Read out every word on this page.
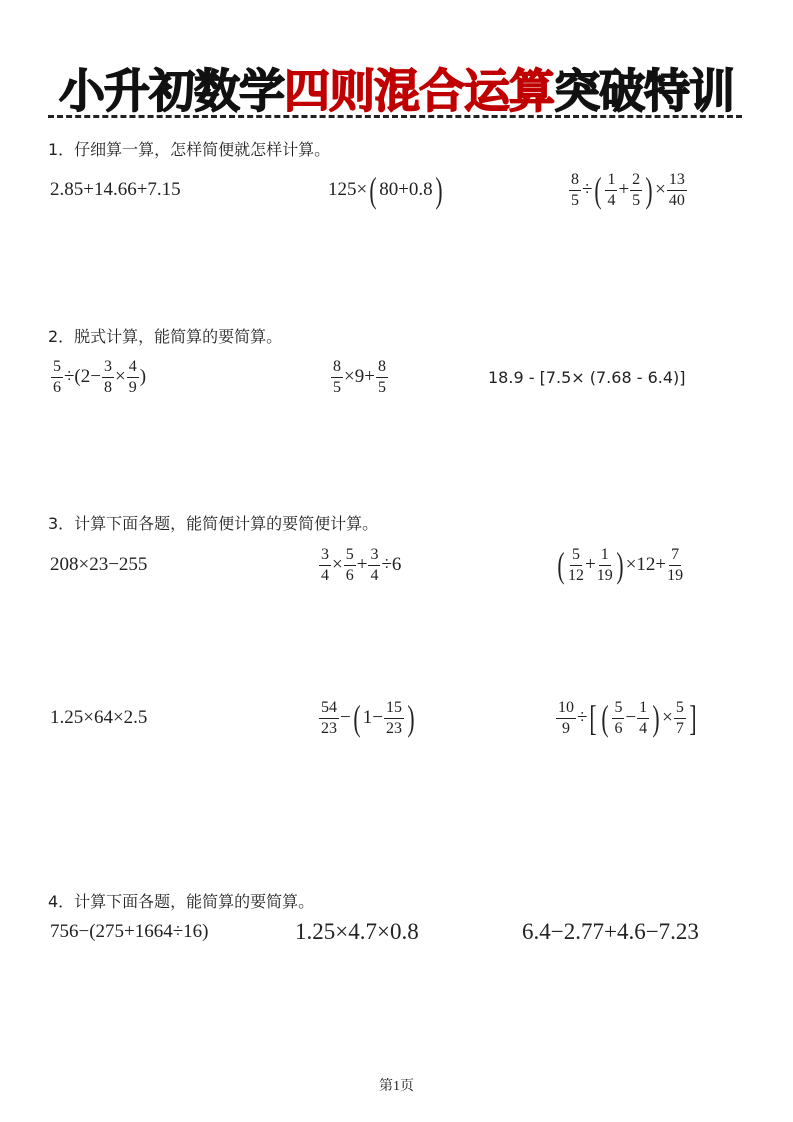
小升初数学四则混合运算突破特训
1．仔细算一算，怎样简便就怎样计算。
2．脱式计算，能简算的要简算。
3．计算下面各题，能简便计算的要简便计算。
4．计算下面各题，能简算的要简算。
2.85+14.66+7.15	125× ( 80+0.8 )	$\frac{8}{5}$ ÷ ( $\frac{1}{4} + \frac{2}{5}$ ) × $\frac{13}{40}$
$\frac{5}{6} \div(2- \frac{3}{8} \times \frac{4}{9}$ )	$\frac{8}{5} \times 9+ \frac{8}{5}$	18.9 - [7.5× (7.68 - 6.4)]
208×23−255	$\frac{3}{4} \times \frac{5}{6} + \frac{3}{4} \div 6$	( $\frac{5}{12} + \frac{1}{19}$ ) $\times 12+ \frac{7}{19}$
1.25×64×2.5	$\frac{54}{23}$ − ( $1- \frac{15}{23}$ )	$\frac{10}{9}$ ÷ [ ( $\frac{5}{6} - \frac{1}{4}$ ) × $\frac{5}{7}$ ]
756−(275+1664÷16)	1.25×4.7×0.8	6.4−2.77+4.6−7.23
第1页
